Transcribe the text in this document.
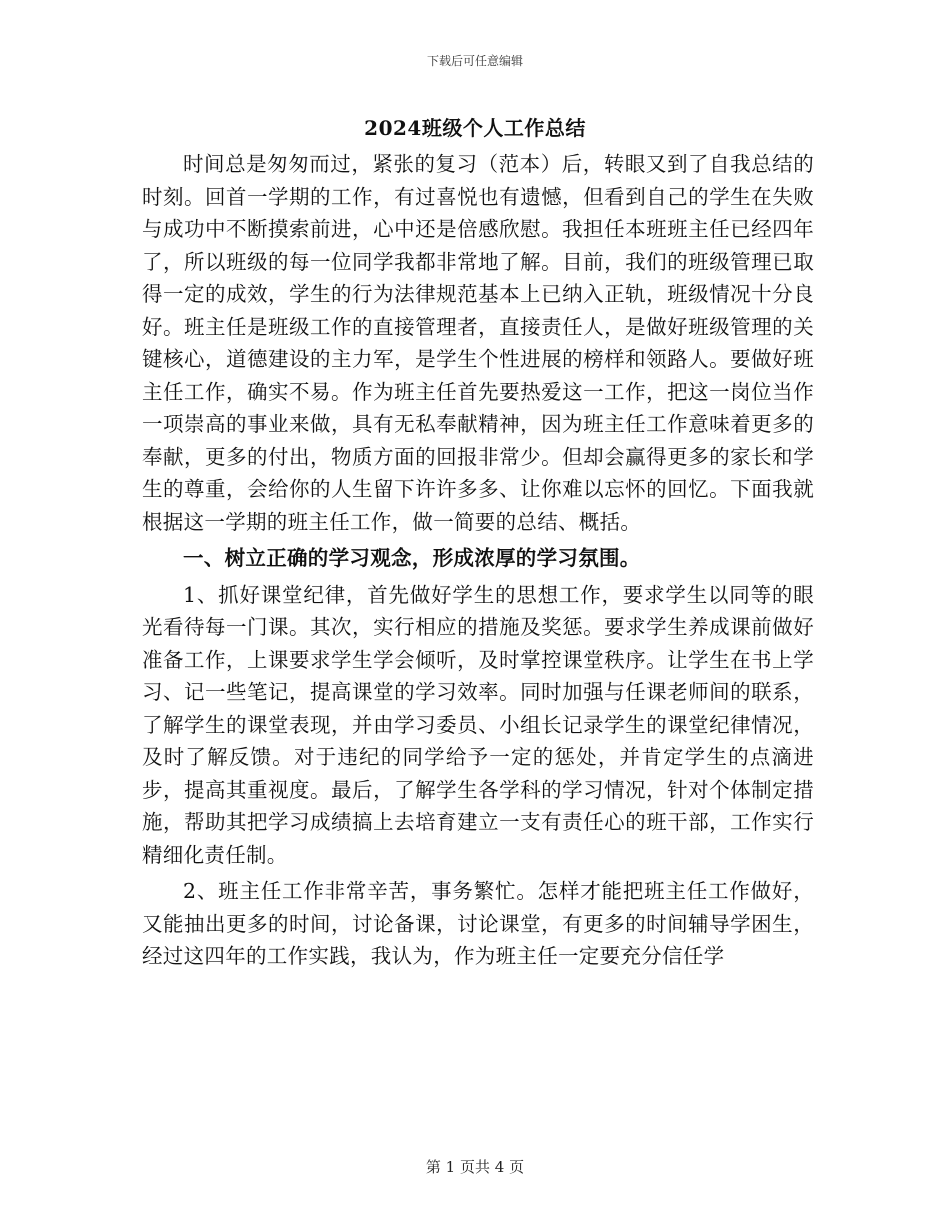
下载后可任意编辑
2024班级个人工作总结

时间总是匆匆而过，紧张的复习（范本）后，转眼又到了自我总结的时刻。回首一学期的工作，有过喜悦也有遗憾，但看到自己的学生在失败与成功中不断摸索前进，心中还是倍感欣慰。我担任本班班主任已经四年了，所以班级的每一位同学我都非常地了解。目前，我们的班级管理已取得一定的成效，学生的行为法律规范基本上已纳入正轨，班级情况十分良好。班主任是班级工作的直接管理者，直接责任人，是做好班级管理的关键核心，道德建设的主力军，是学生个性进展的榜样和领路人。要做好班主任工作，确实不易。作为班主任首先要热爱这一工作，把这一岗位当作一项崇高的事业来做，具有无私奉献精神，因为班主任工作意味着更多的奉献，更多的付出，物质方面的回报非常少。但却会赢得更多的家长和学生的尊重，会给你的人生留下许许多多、让你难以忘怀的回忆。下面我就根据这一学期的班主任工作，做一简要的总结、概括。

一、树立正确的学习观念，形成浓厚的学习氛围。

1、抓好课堂纪律，首先做好学生的思想工作，要求学生以同等的眼光看待每一门课。其次，实行相应的措施及奖惩。要求学生养成课前做好准备工作，上课要求学生学会倾听，及时掌控课堂秩序。让学生在书上学习、记一些笔记，提高课堂的学习效率。同时加强与任课老师间的联系，了解学生的课堂表现，并由学习委员、小组长记录学生的课堂纪律情况，及时了解反馈。对于违纪的同学给予一定的惩处，并肯定学生的点滴进步，提高其重视度。最后，了解学生各学科的学习情况，针对个体制定措施，帮助其把学习成绩搞上去培育建立一支有责任心的班干部，工作实行精细化责任制。

2、班主任工作非常辛苦，事务繁忙。怎样才能把班主任工作做好，又能抽出更多的时间，讨论备课，讨论课堂，有更多的时间辅导学困生，经过这四年的工作实践，我认为，作为班主任一定要充分信任学

第 1 页共 4 页
